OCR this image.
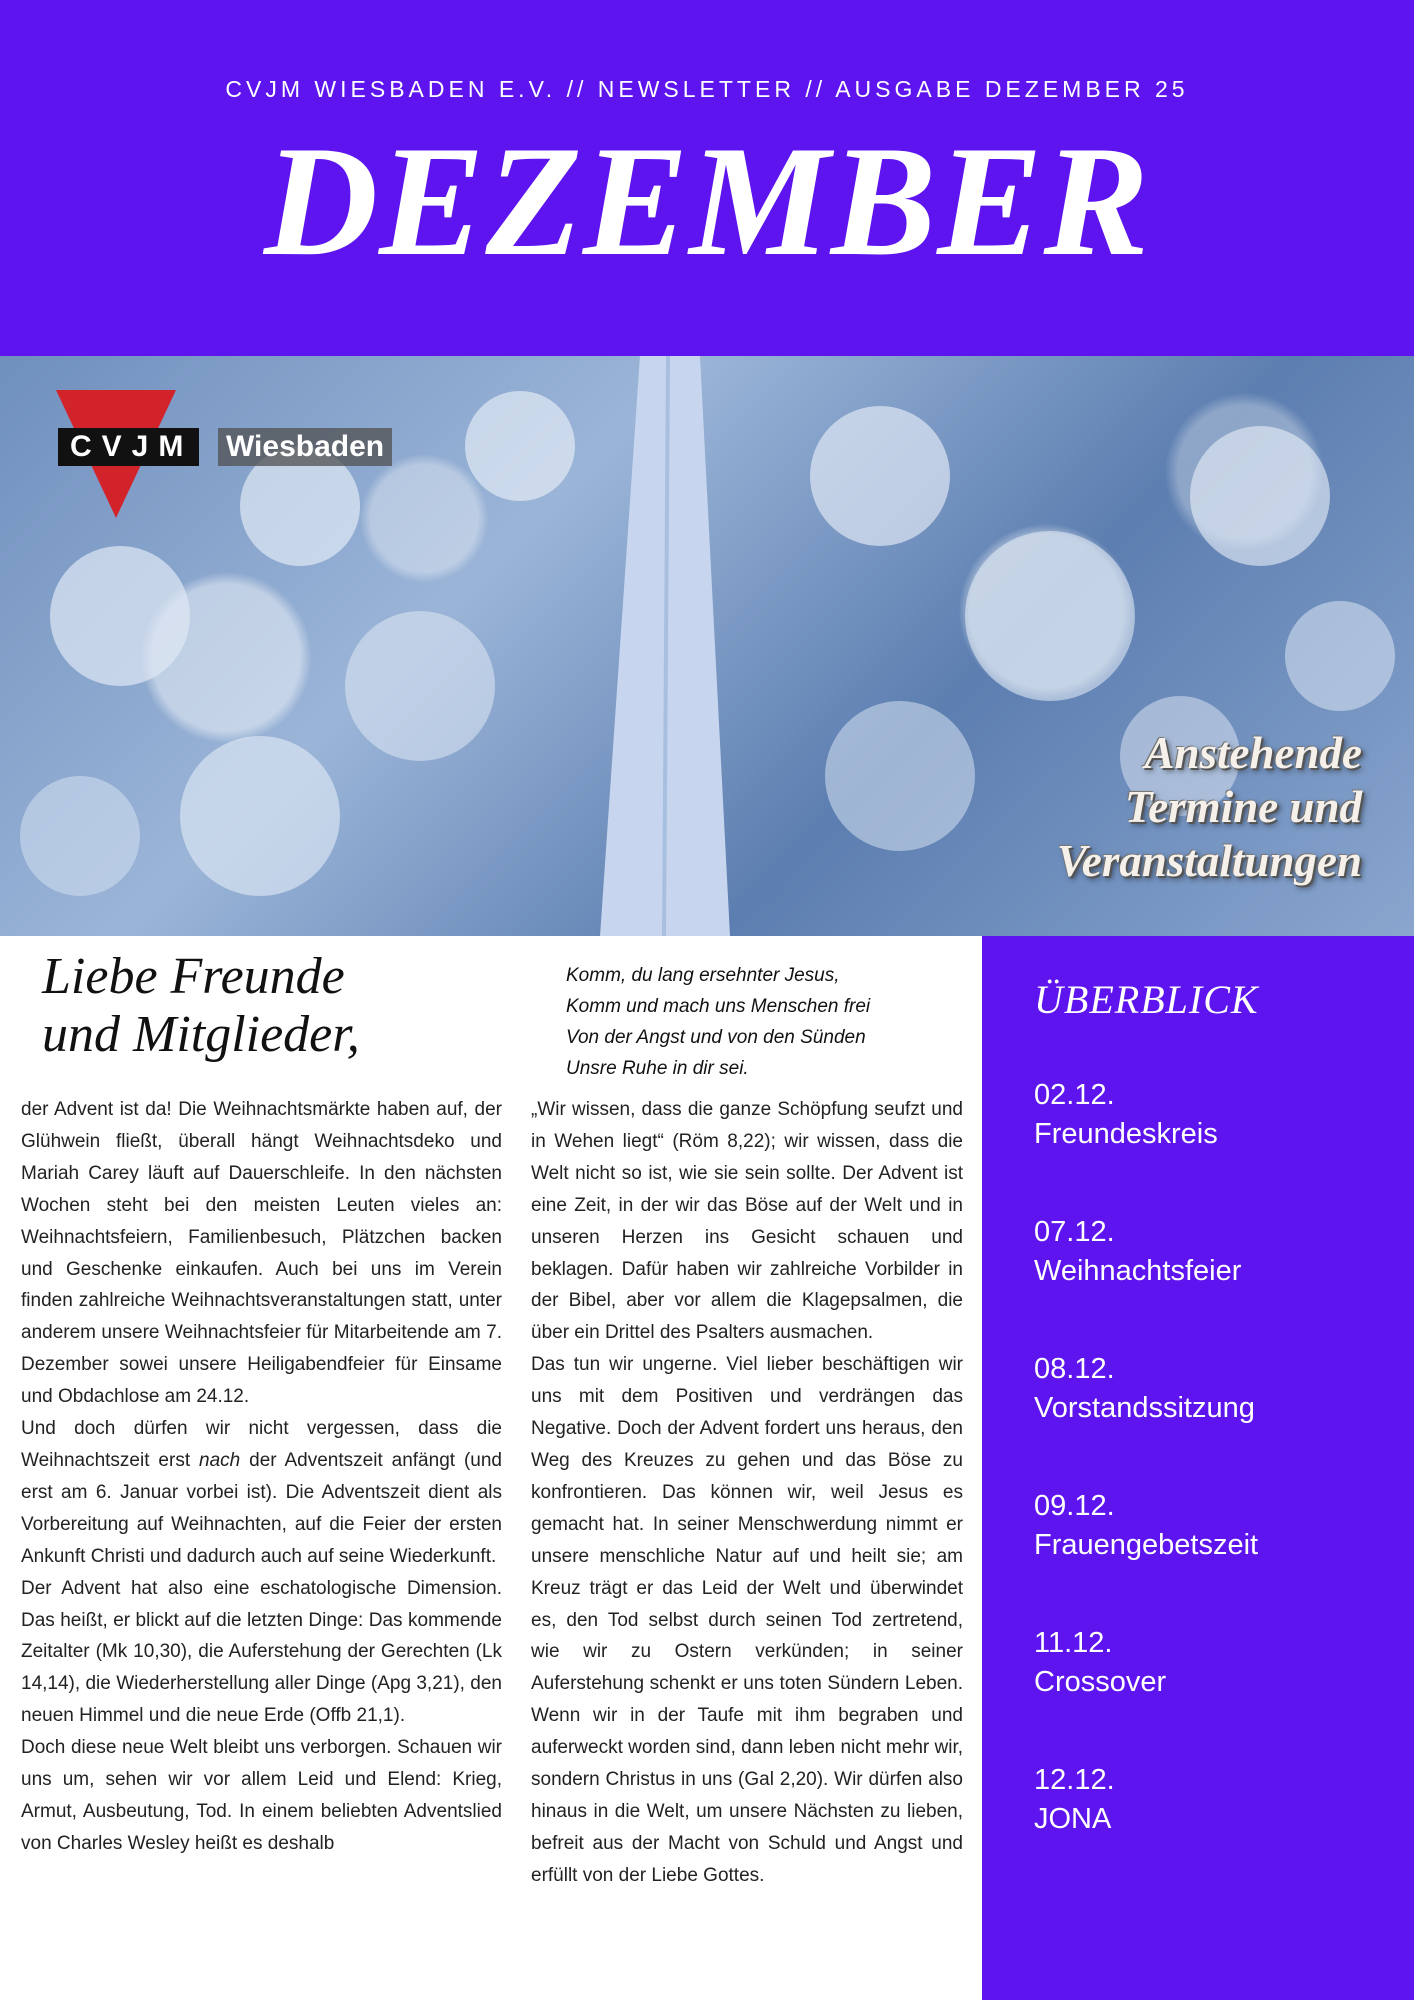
CVJM WIESBADEN E.V. // NEWSLETTER // AUSGABE DEZEMBER 25
DEZEMBER
CVJM Wiesbaden
Anstehende
Termine und
Veranstaltungen
Liebe Freunde
und Mitglieder,
Komm, du lang ersehnter Jesus,
Komm und mach uns Menschen frei
Von der Angst und von den Sünden
Unsre Ruhe in dir sei.

der Advent ist da! Die Weihnachtsmärkte haben auf, der Glühwein fließt, überall hängt Weihnachtsdeko und Mariah Carey läuft auf Dauerschleife. In den nächsten Wochen steht bei den meisten Leuten vieles an: Weihnachtsfeiern, Familienbesuch, Plätzchen backen und Geschenke einkaufen. Auch bei uns im Verein finden zahlreiche Weihnachtsveranstaltungen statt, unter anderem unsere Weihnachtsfeier für Mitarbeitende am 7. Dezember sowei unsere Heiligabendfeier für Einsame und Obdachlose am 24.12.

Und doch dürfen wir nicht vergessen, dass die Weihnachtszeit erst nach der Adventszeit anfängt (und erst am 6. Januar vorbei ist). Die Adventszeit dient als Vorbereitung auf Weihnachten, auf die Feier der ersten Ankunft Christi und dadurch auch auf seine Wiederkunft.

Der Advent hat also eine eschatologische Dimension. Das heißt, er blickt auf die letzten Dinge: Das kommende Zeitalter (Mk 10,30), die Auferstehung der Gerechten (Lk 14,14), die Wiederherstellung aller Dinge (Apg 3,21), den neuen Himmel und die neue Erde (Offb 21,1).

Doch diese neue Welt bleibt uns verborgen. Schauen wir uns um, sehen wir vor allem Leid und Elend: Krieg, Armut, Ausbeutung, Tod. In einem beliebten Adventslied von Charles Wesley heißt es deshalb

„Wir wissen, dass die ganze Schöpfung seufzt und in Wehen liegt“ (Röm 8,22); wir wissen, dass die Welt nicht so ist, wie sie sein sollte. Der Advent ist eine Zeit, in der wir das Böse auf der Welt und in unseren Herzen ins Gesicht schauen und beklagen. Dafür haben wir zahlreiche Vorbilder in der Bibel, aber vor allem die Klagepsalmen, die über ein Drittel des Psalters ausmachen.

Das tun wir ungerne. Viel lieber beschäftigen wir uns mit dem Positiven und verdrängen das Negative. Doch der Advent fordert uns heraus, den Weg des Kreuzes zu gehen und das Böse zu konfrontieren. Das können wir, weil Jesus es gemacht hat. In seiner Menschwerdung nimmt er unsere menschliche Natur auf und heilt sie; am Kreuz trägt er das Leid der Welt und überwindet es, den Tod selbst durch seinen Tod zertretend, wie wir zu Ostern verkünden; in seiner Auferstehung schenkt er uns toten Sündern Leben. Wenn wir in der Taufe mit ihm begraben und auferweckt worden sind, dann leben nicht mehr wir, sondern Christus in uns (Gal 2,20). Wir dürfen also hinaus in die Welt, um unsere Nächsten zu lieben, befreit aus der Macht von Schuld und Angst und erfüllt von der Liebe Gottes.

ÜBERBLICK
02.12.
Freundeskreis
07.12.
Weihnachtsfeier
08.12.
Vorstandssitzung
09.12.
Frauengebetszeit
11.12.
Crossover
12.12.
JONA
